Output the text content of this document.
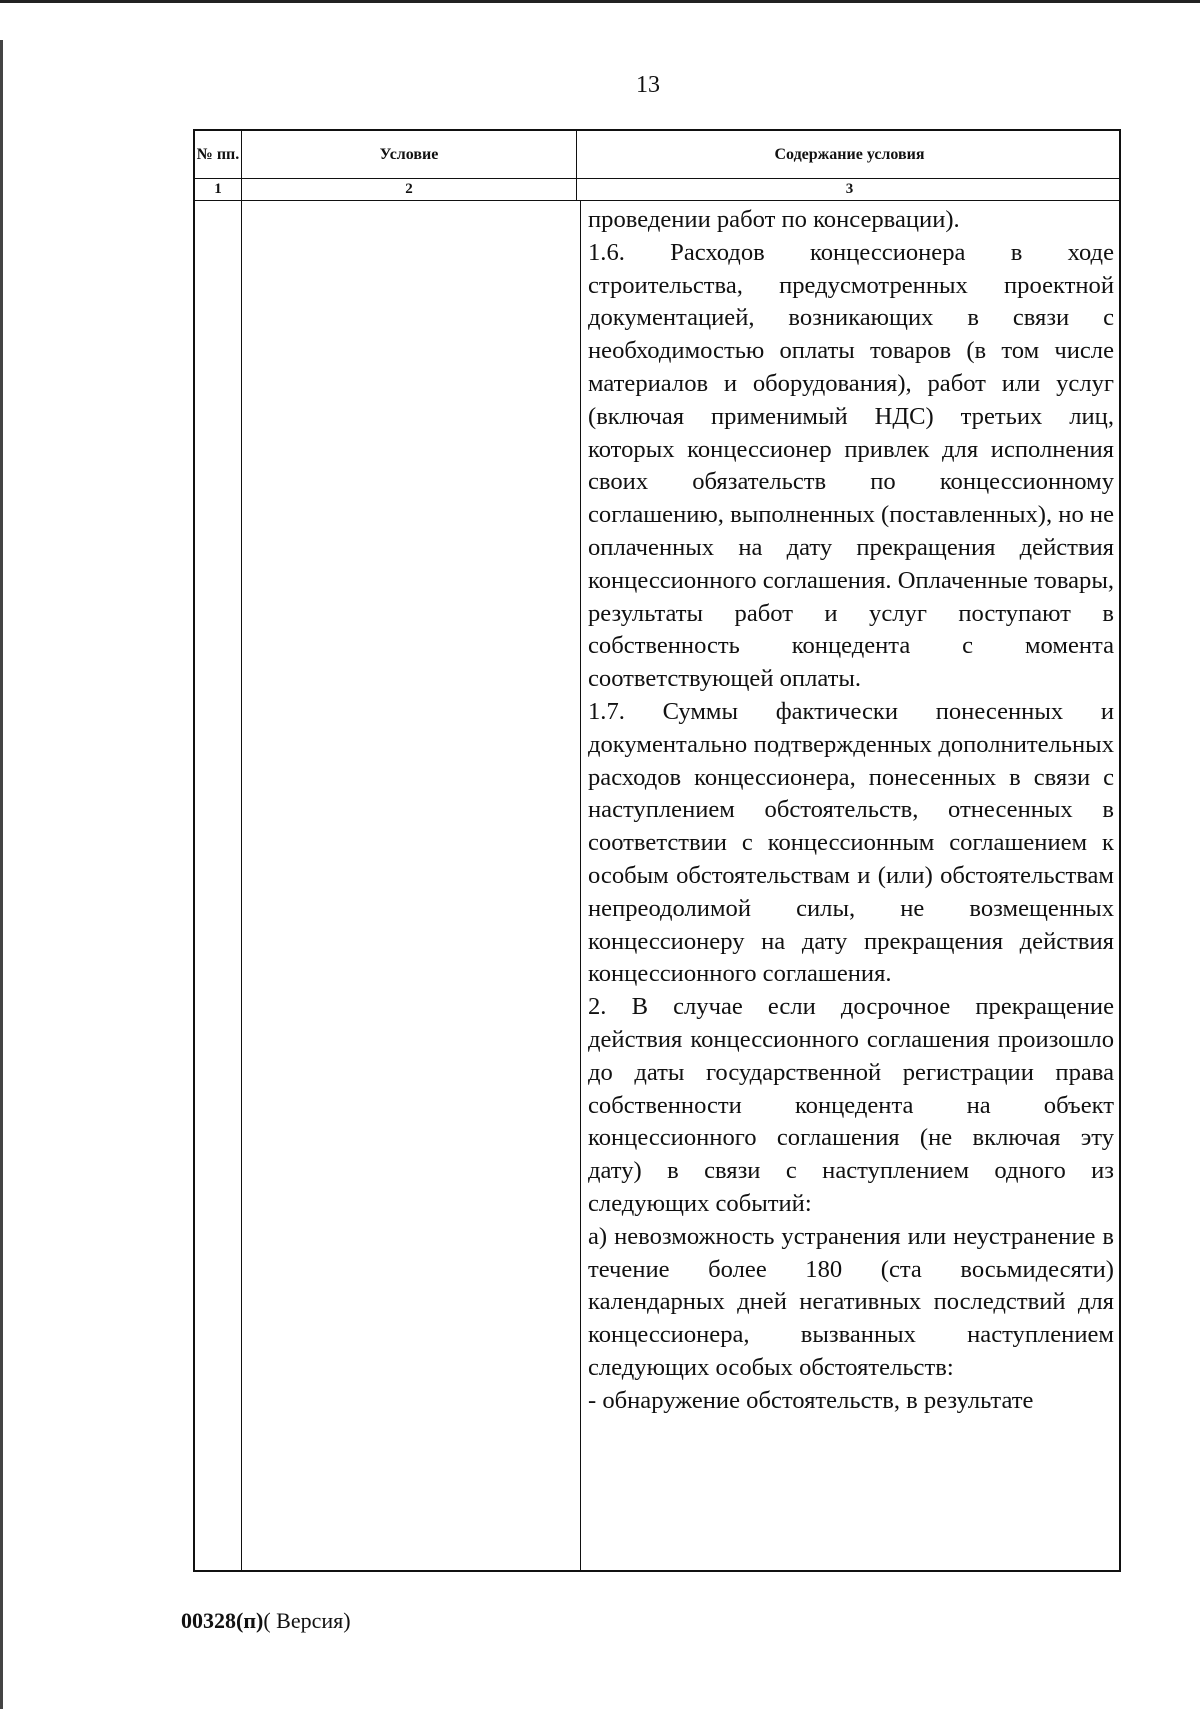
13
№ пп.	Условие	Содержание условия
1	2	3

проведении работ по консервации).

1.6. Расходов концессионера в ходе строительства, предусмотренных проектной документацией, возникающих в связи с необходимостью оплаты товаров (в том числе материалов и оборудования), работ или услуг (включая применимый НДС) третьих лиц, которых концессионер привлек для исполнения своих обязательств по концессионному соглашению, выполненных (поставленных), но не оплаченных на дату прекращения действия концессионного соглашения. Оплаченные товары, результаты работ и услуг поступают в собственность концедента с момента соответствующей оплаты.

1.7. Суммы фактически понесенных и документально подтвержденных дополнительных расходов концессионера, понесенных в связи с наступлением обстоятельств, отнесенных в соответствии с концессионным соглашением к особым обстоятельствам и (или) обстоятельствам непреодолимой силы, не возмещенных концессионеру на дату прекращения действия концессионного соглашения.

2. В случае если досрочное прекращение действия концессионного соглашения произошло до даты государственной регистрации права собственности концедента на объект концессионного соглашения (не включая эту дату) в связи с наступлением одного из следующих событий:

а) невозможность устранения или неустранение в течение более 180 (ста восьмидесяти) календарных дней негативных последствий для концессионера, вызванных наступлением следующих особых обстоятельств:

- обнаружение обстоятельств, в результате

00328(п)( Версия)
